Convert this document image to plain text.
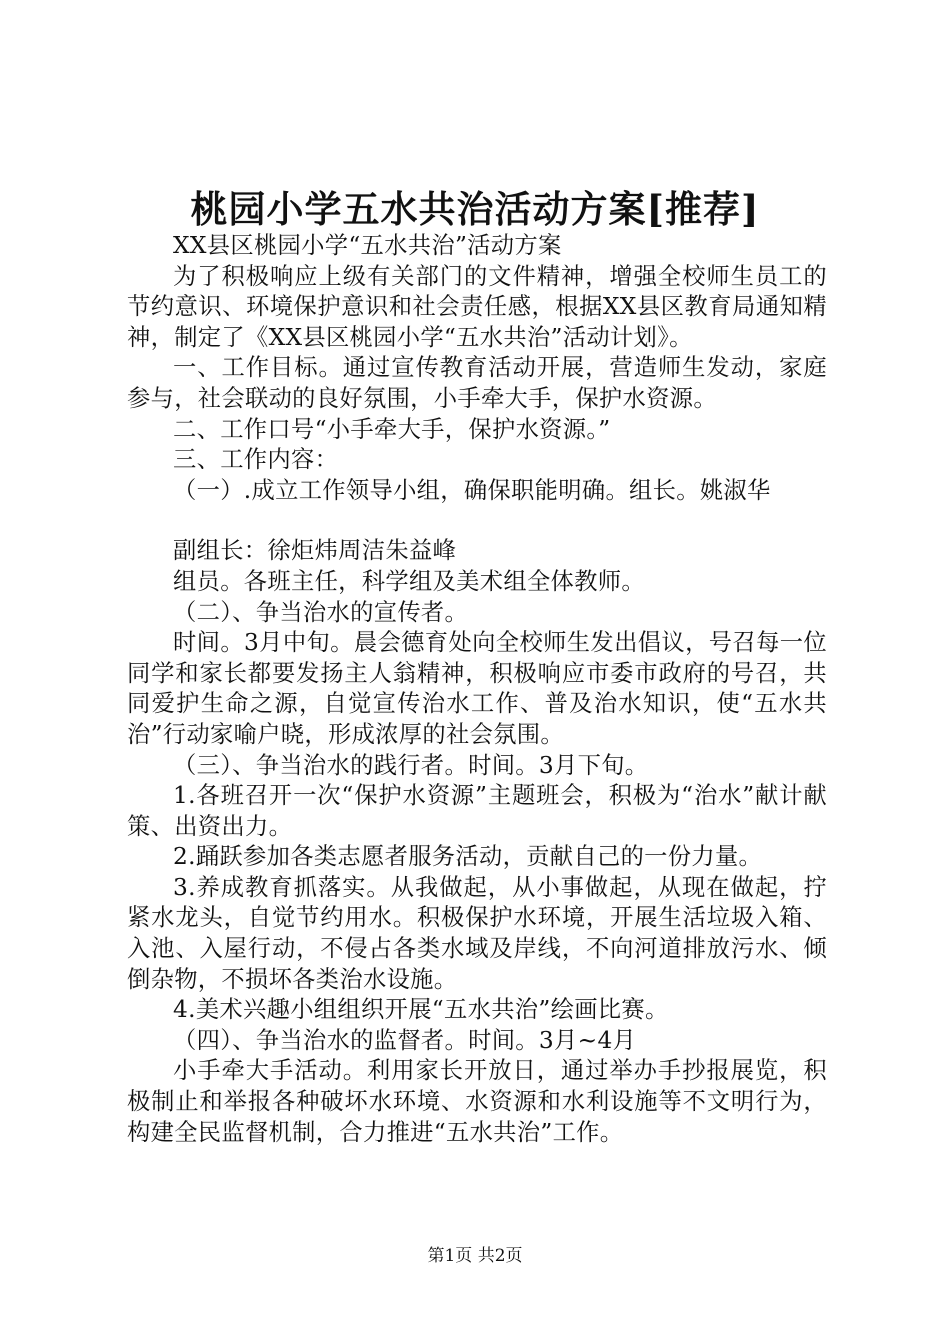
桃园小学五水共治活动方案[推荐]

XX县区桃园小学“五水共治”活动方案

为了积极响应上级有关部门的文件精神，增强全校师生员工的节约意识、环境保护意识和社会责任感，根据XX县区教育局通知精神，制定了《XX县区桃园小学“五水共治”活动计划》。

一、工作目标。通过宣传教育活动开展，营造师生发动，家庭参与，社会联动的良好氛围，小手牵大手，保护水资源。

二、工作口号“小手牵大手，保护水资源。”

三、工作内容：

（一）.成立工作领导小组，确保职能明确。组长。姚淑华

副组长：徐炬炜周洁朱益峰

组员。各班主任，科学组及美术组全体教师。

（二）、争当治水的宣传者。

时间。3月中旬。晨会德育处向全校师生发出倡议，号召每一位同学和家长都要发扬主人翁精神，积极响应市委市政府的号召，共同爱护生命之源，自觉宣传治水工作、普及治水知识，使“五水共治”行动家喻户晓，形成浓厚的社会氛围。

（三）、争当治水的践行者。时间。3月下旬。

1.各班召开一次“保护水资源”主题班会，积极为“治水”献计献策、出资出力。

2.踊跃参加各类志愿者服务活动，贡献自己的一份力量。

3.养成教育抓落实。从我做起，从小事做起，从现在做起，拧紧水龙头，自觉节约用水。积极保护水环境，开展生活垃圾入箱、入池、入屋行动，不侵占各类水域及岸线，不向河道排放污水、倾倒杂物，不损坏各类治水设施。

4.美术兴趣小组组织开展“五水共治”绘画比赛。

（四）、争当治水的监督者。时间。3月~4月

小手牵大手活动。利用家长开放日，通过举办手抄报展览，积极制止和举报各种破坏水环境、水资源和水利设施等不文明行为，构建全民监督机制，合力推进“五水共治”工作。

第1页 共2页
